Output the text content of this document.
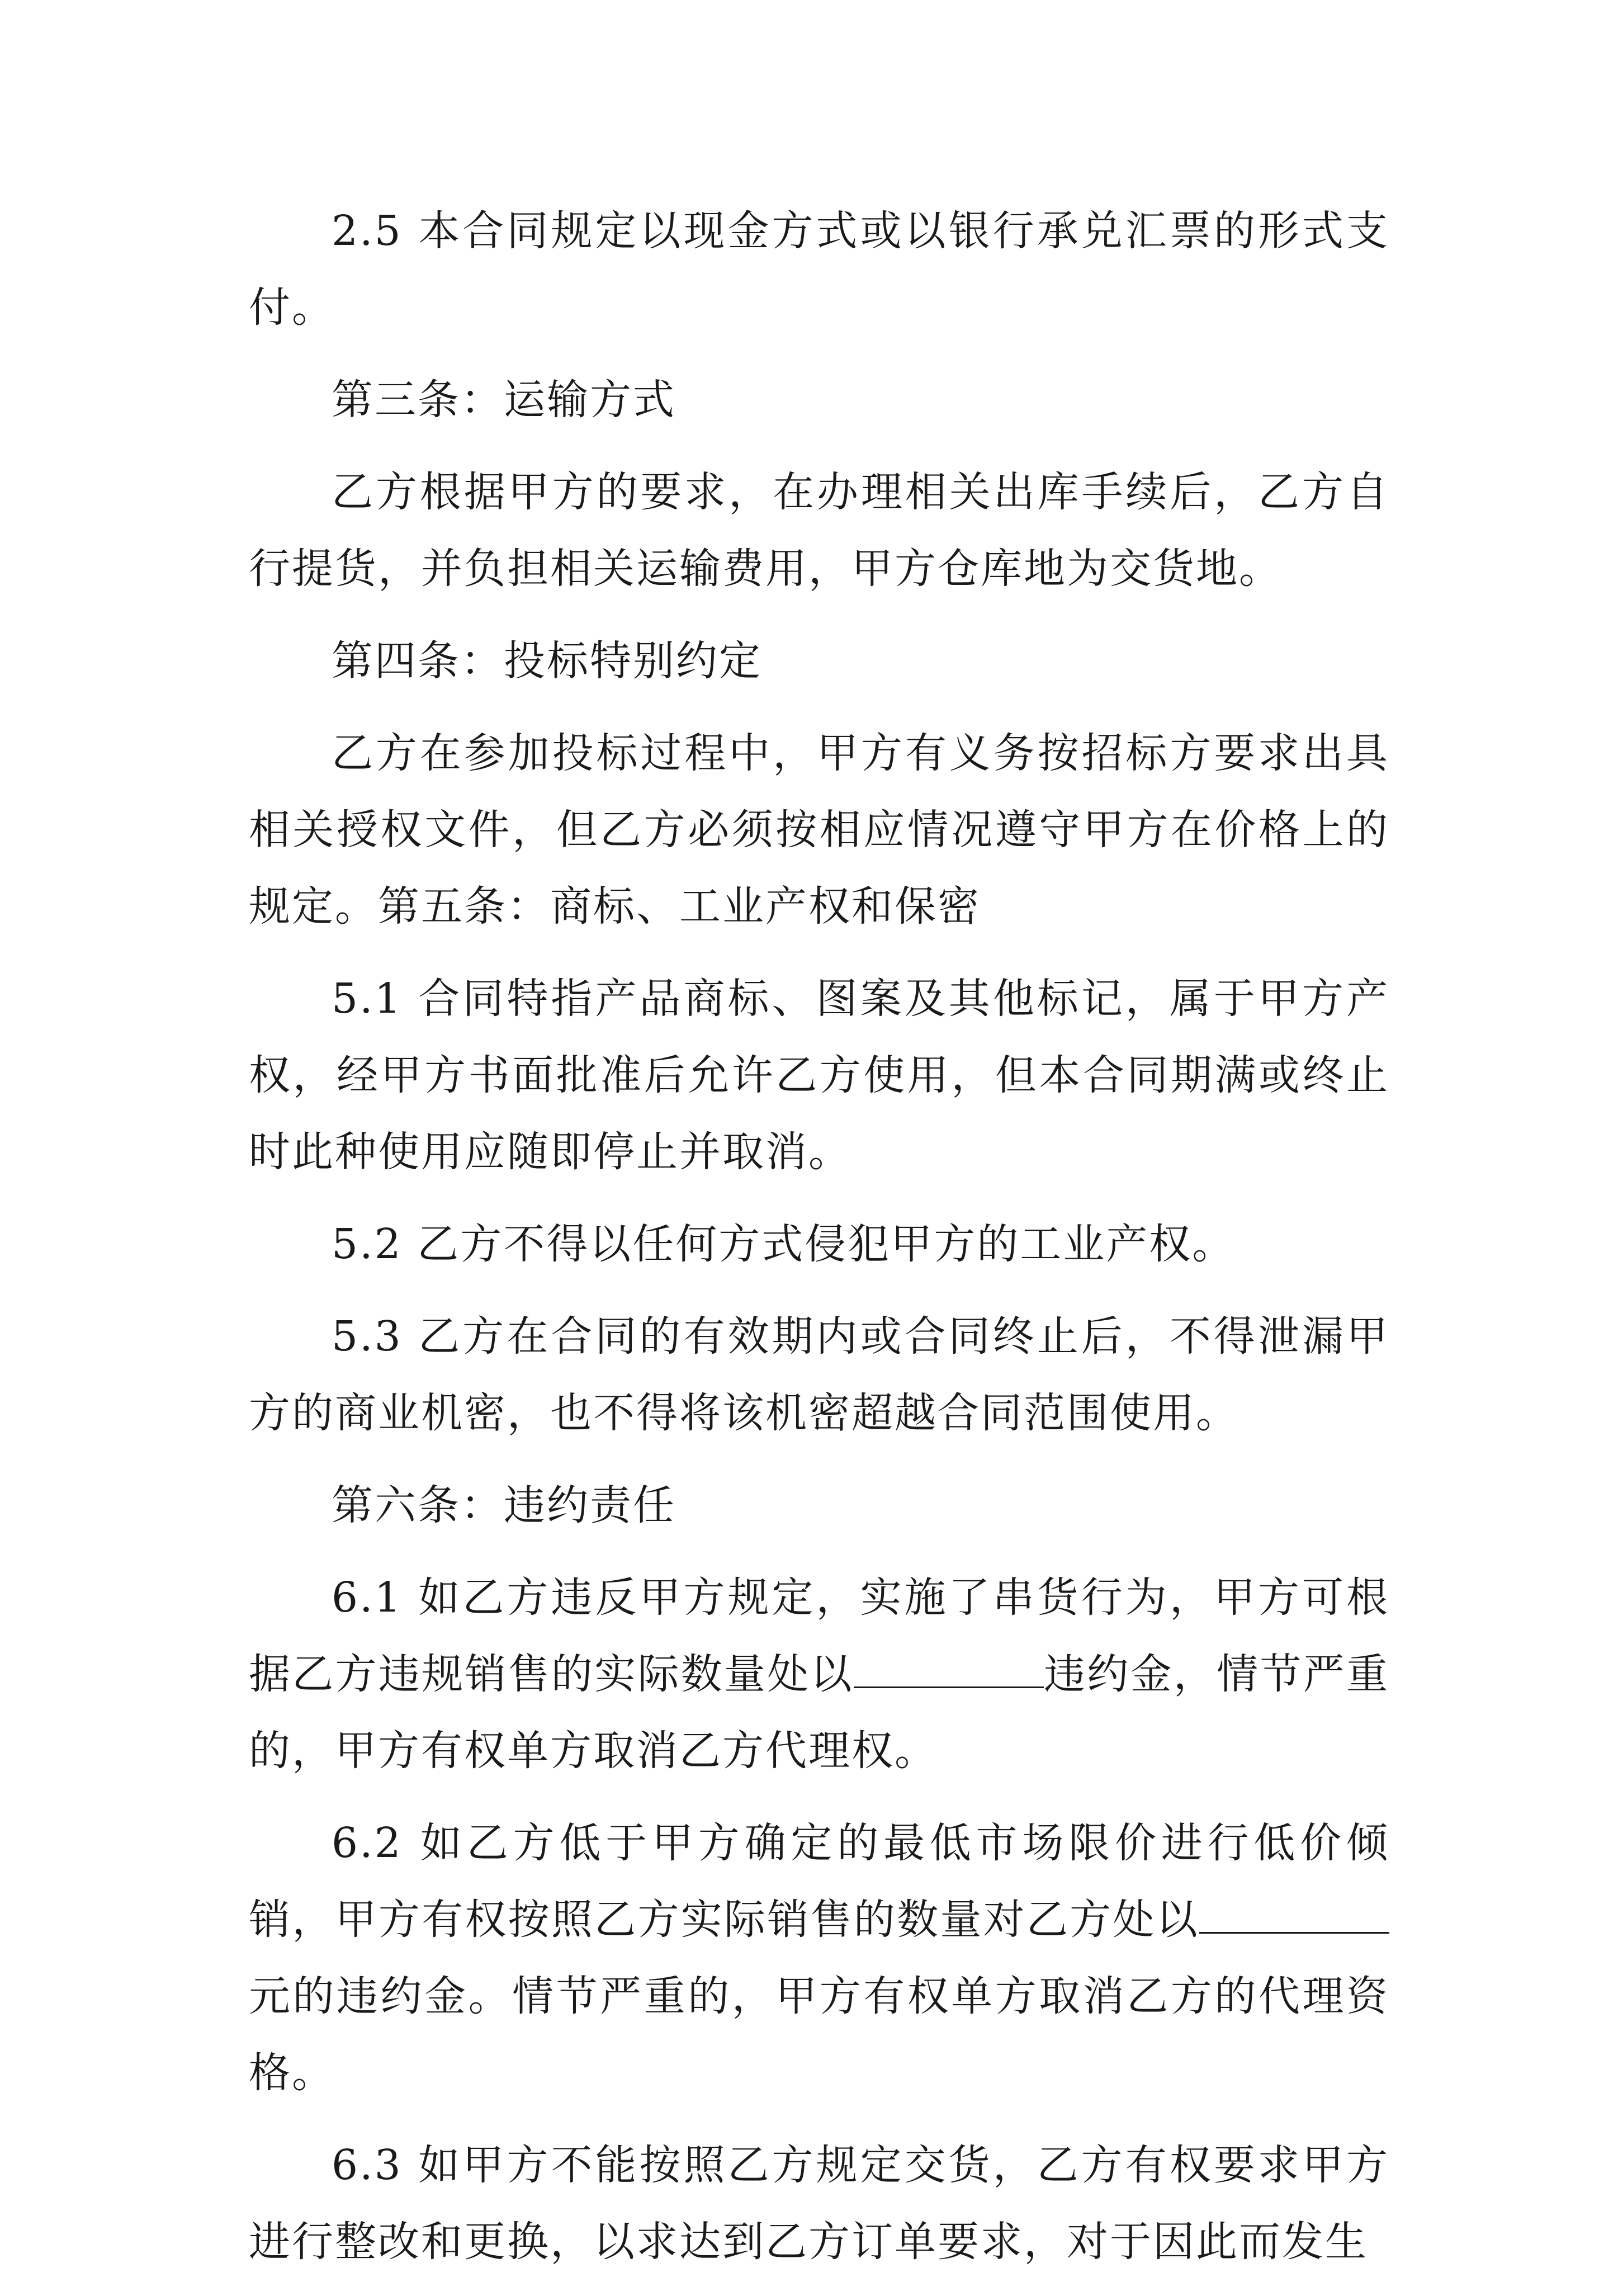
2.5 本合同规定以现金方式或以银行承兑汇票的形式支付。

第三条：运输方式

乙方根据甲方的要求，在办理相关出库手续后，乙方自行提货，并负担相关运输费用，甲方仓库地为交货地。

第四条：投标特别约定

乙方在参加投标过程中，甲方有义务按招标方要求出具相关授权文件，但乙方必须按相应情况遵守甲方在价格上的规定。第五条：商标、工业产权和保密

5.1 合同特指产品商标、图案及其他标记，属于甲方产权，经甲方书面批准后允许乙方使用，但本合同期满或终止时此种使用应随即停止并取消。

5.2 乙方不得以任何方式侵犯甲方的工业产权。

5.3 乙方在合同的有效期内或合同终止后，不得泄漏甲方的商业机密，也不得将该机密超越合同范围使用。

第六条：违约责任

6.1 如乙方违反甲方规定，实施了串货行为，甲方可根据乙方违规销售的实际数量处以	违约金，情节严重的，甲方有权单方取消乙方代理权。

6.2 如乙方低于甲方确定的最低市场限价进行低价倾销，甲方有权按照乙方实际销售的数量对乙方处以元的违约金。情节严重的，甲方有权单方取消乙方的代理资格。

6.3 如甲方不能按照乙方规定交货，乙方有权要求甲方进行整改和更换，以求达到乙方订单要求，对于因此而发生
